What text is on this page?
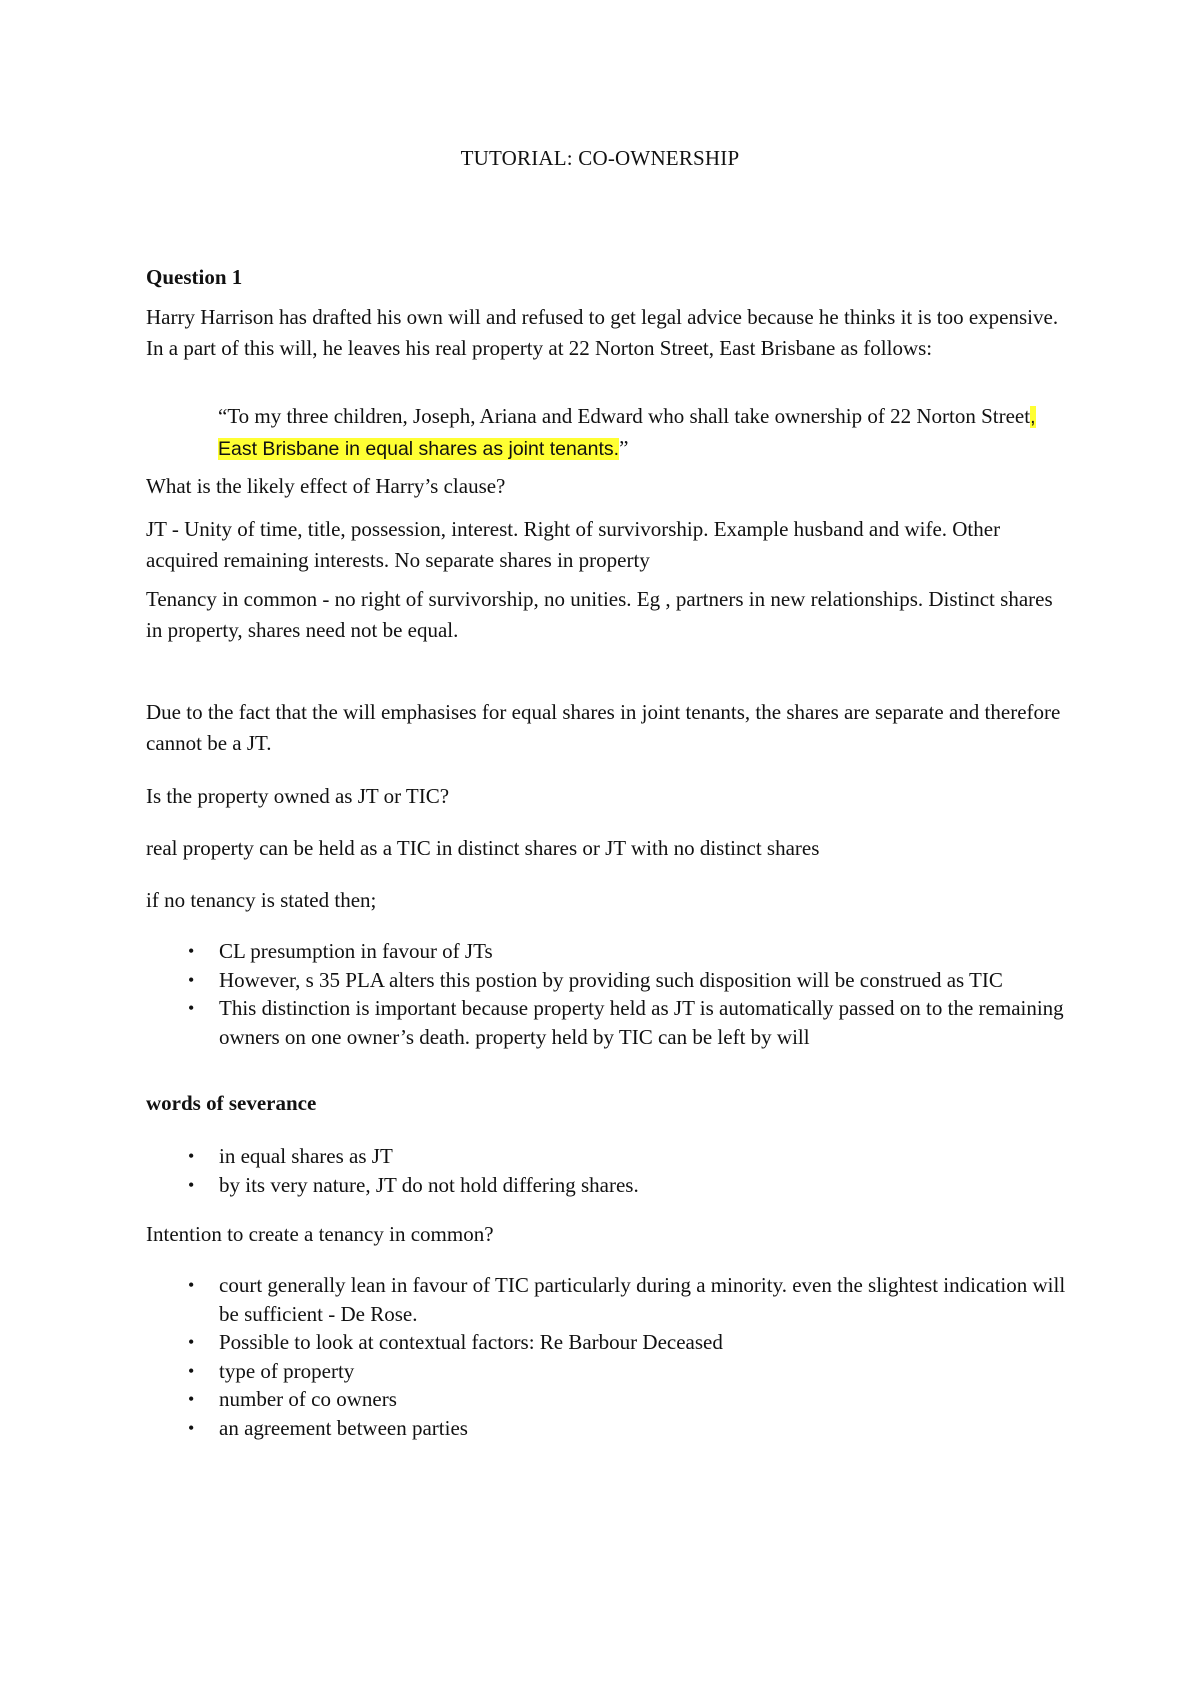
TUTORIAL: CO-OWNERSHIP
Question 1
Harry Harrison has drafted his own will and refused to get legal advice because he thinks it is too expensive. In a part of this will, he leaves his real property at 22 Norton Street, East Brisbane as follows:
“To my three children, Joseph, Ariana and Edward who shall take ownership of 22 Norton Street, East Brisbane in equal shares as joint tenants.”
What is the likely effect of Harry’s clause?
JT - Unity of time, title, possession, interest. Right of survivorship. Example husband and wife. Other acquired remaining interests. No separate shares in property
Tenancy in common - no right of survivorship, no unities. Eg , partners in new relationships. Distinct shares in property, shares need not be equal.
Due to the fact that the will emphasises for equal shares in joint tenants, the shares are separate and therefore cannot be a JT.
Is the property owned as JT or TIC?
real property can be held as a TIC in distinct shares or JT with no distinct shares
if no tenancy is stated then;
• CL presumption in favour of JTs
• However, s 35 PLA alters this postion by providing such disposition will be construed as TIC
• This distinction is important because property held as JT is automatically passed on to the remaining owners on one owner’s death. property held by TIC can be left by will
words of severance
• in equal shares as JT
• by its very nature, JT do not hold differing shares.
Intention to create a tenancy in common?
• court generally lean in favour of TIC particularly during a minority. even the slightest indication will be sufficient - De Rose.
• Possible to look at contextual factors: Re Barbour Deceased
• type of property
• number of co owners
• an agreement between parties
